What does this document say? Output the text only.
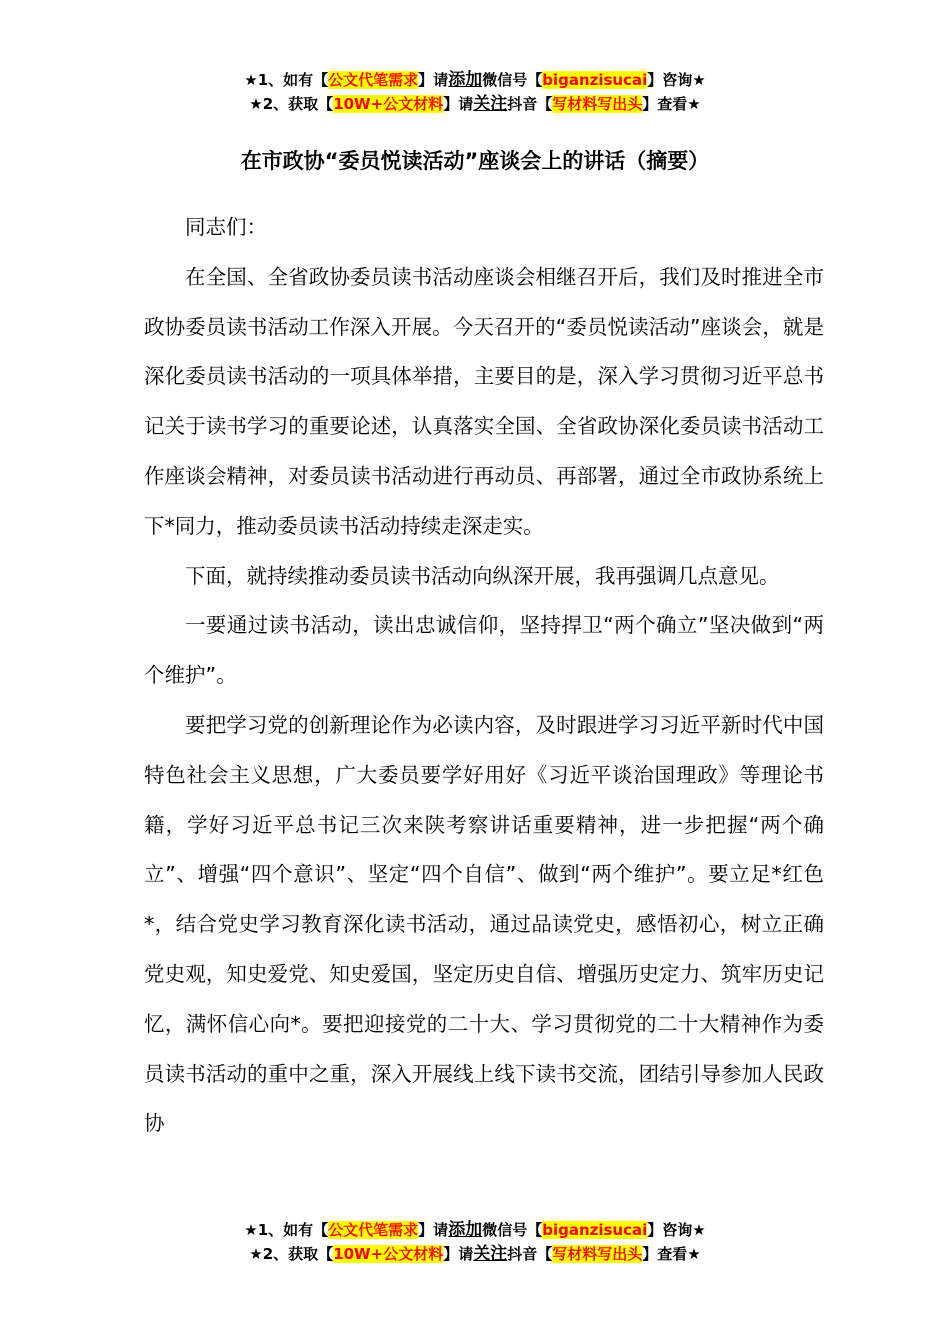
★1、如有【公文代笔需求】请添加微信号【biganzisucai】咨询★
★2、获取【10W+公文材料】请关注抖音【写材料写出头】查看★
在市政协“委员悦读活动”座谈会上的讲话（摘要）

同志们：

在全国、全省政协委员读书活动座谈会相继召开后，我们及时推进全市政协委员读书活动工作深入开展。今天召开的“委员悦读活动”座谈会，就是深化委员读书活动的一项具体举措，主要目的是，深入学习贯彻习近平总书记关于读书学习的重要论述，认真落实全国、全省政协深化委员读书活动工作座谈会精神，对委员读书活动进行再动员、再部署，通过全市政协系统上下*同力，推动委员读书活动持续走深走实。

下面，就持续推动委员读书活动向纵深开展，我再强调几点意见。

一要通过读书活动，读出忠诚信仰，坚持捍卫“两个确立”坚决做到“两个维护”。

要把学习党的创新理论作为必读内容，及时跟进学习习近平新时代中国特色社会主义思想，广大委员要学好用好《习近平谈治国理政》等理论书籍，学好习近平总书记三次来陕考察讲话重要精神，进一步把握“两个确立”、增强“四个意识”、坚定“四个自信”、做到“两个维护”。要立足*红色*，结合党史学习教育深化读书活动，通过品读党史，感悟初心，树立正确党史观，知史爱党、知史爱国，坚定历史自信、增强历史定力、筑牢历史记忆，满怀信心向*。要把迎接党的二十大、学习贯彻党的二十大精神作为委员读书活动的重中之重，深入开展线上线下读书交流，团结引导参加人民政协

★1、如有【公文代笔需求】请添加微信号【biganzisucai】咨询★
★2、获取【10W+公文材料】请关注抖音【写材料写出头】查看★
